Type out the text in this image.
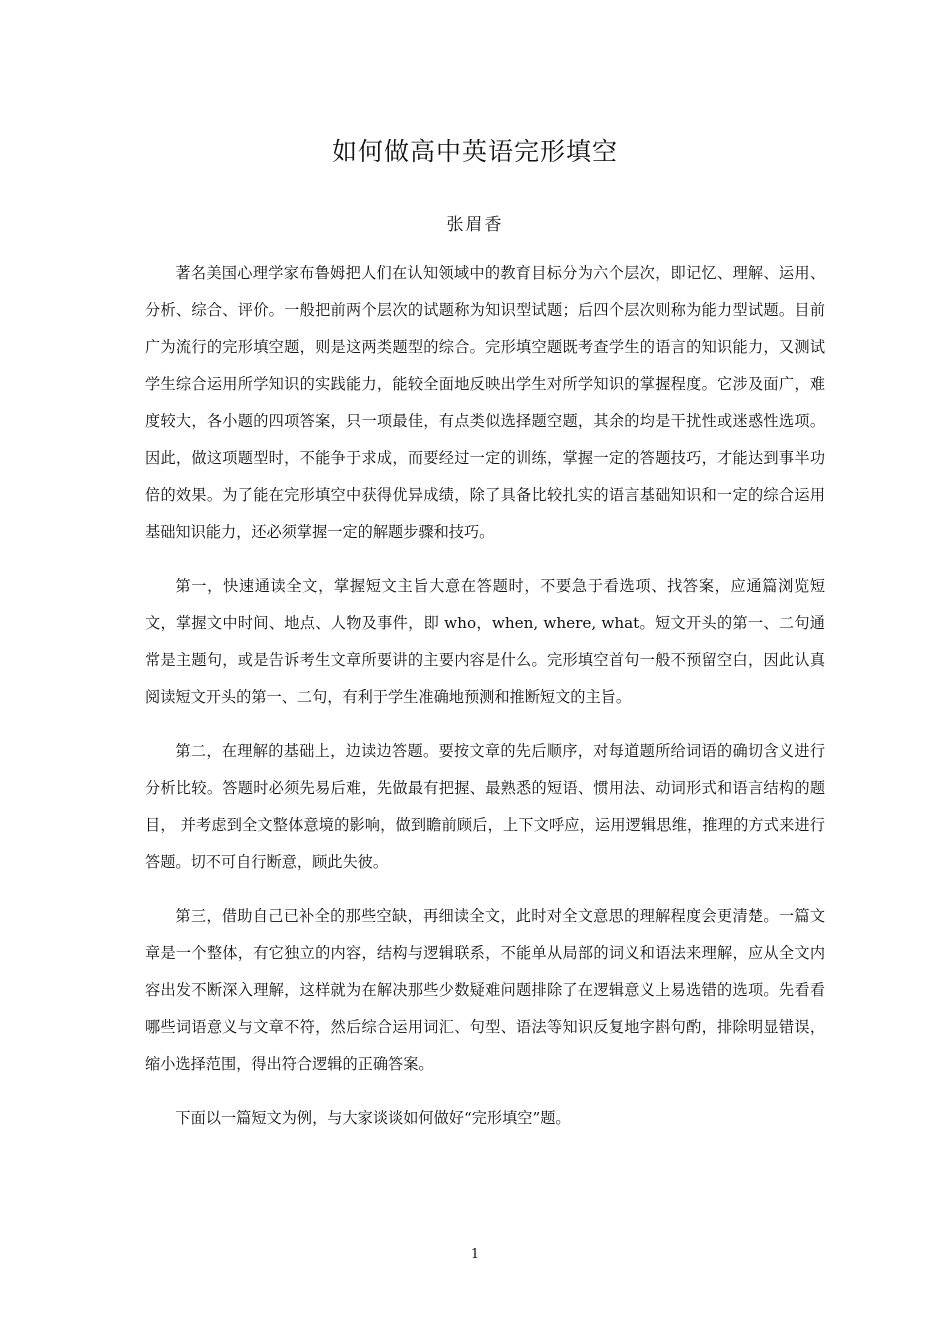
如何做高中英语完形填空
张眉香

著名美国心理学家布鲁姆把人们在认知领域中的教育目标分为六个层次，即记忆、理解、运用、分析、综合、评价。一般把前两个层次的试题称为知识型试题；后四个层次则称为能力型试题。目前广为流行的完形填空题，则是这两类题型的综合。完形填空题既考查学生的语言的知识能力，又测试学生综合运用所学知识的实践能力，能较全面地反映出学生对所学知识的掌握程度。它涉及面广，难度较大，各小题的四项答案，只一项最佳，有点类似选择题空题，其余的均是干扰性或迷惑性选项。因此，做这项题型时，不能争于求成，而要经过一定的训练，掌握一定的答题技巧，才能达到事半功倍的效果。为了能在完形填空中获得优异成绩，除了具备比较扎实的语言基础知识和一定的综合运用基础知识能力，还必须掌握一定的解题步骤和技巧。

第一，快速通读全文，掌握短文主旨大意在答题时，不要急于看选项、找答案，应通篇浏览短文，掌握文中时间、地点、人物及事件，即 who，when, where, what。短文开头的第一、二句通常是主题句，或是告诉考生文章所要讲的主要内容是什么。完形填空首句一般不预留空白，因此认真阅读短文开头的第一、二句，有利于学生准确地预测和推断短文的主旨。

第二，在理解的基础上，边读边答题。要按文章的先后顺序，对每道题所给词语的确切含义进行分析比较。答题时必须先易后难，先做最有把握、最熟悉的短语、惯用法、动词形式和语言结构的题目， 并考虑到全文整体意境的影响，做到瞻前顾后，上下文呼应，运用逻辑思维，推理的方式来进行答题。切不可自行断意，顾此失彼。

第三，借助自己已补全的那些空缺，再细读全文，此时对全文意思的理解程度会更清楚。一篇文章是一个整体，有它独立的内容，结构与逻辑联系，不能单从局部的词义和语法来理解，应从全文内容出发不断深入理解，这样就为在解决那些少数疑难问题排除了在逻辑意义上易选错的选项。先看看哪些词语意义与文章不符，然后综合运用词汇、句型、语法等知识反复地字斟句酌，排除明显错误，缩小选择范围，得出符合逻辑的正确答案。

下面以一篇短文为例，与大家谈谈如何做好“完形填空”题。

1
